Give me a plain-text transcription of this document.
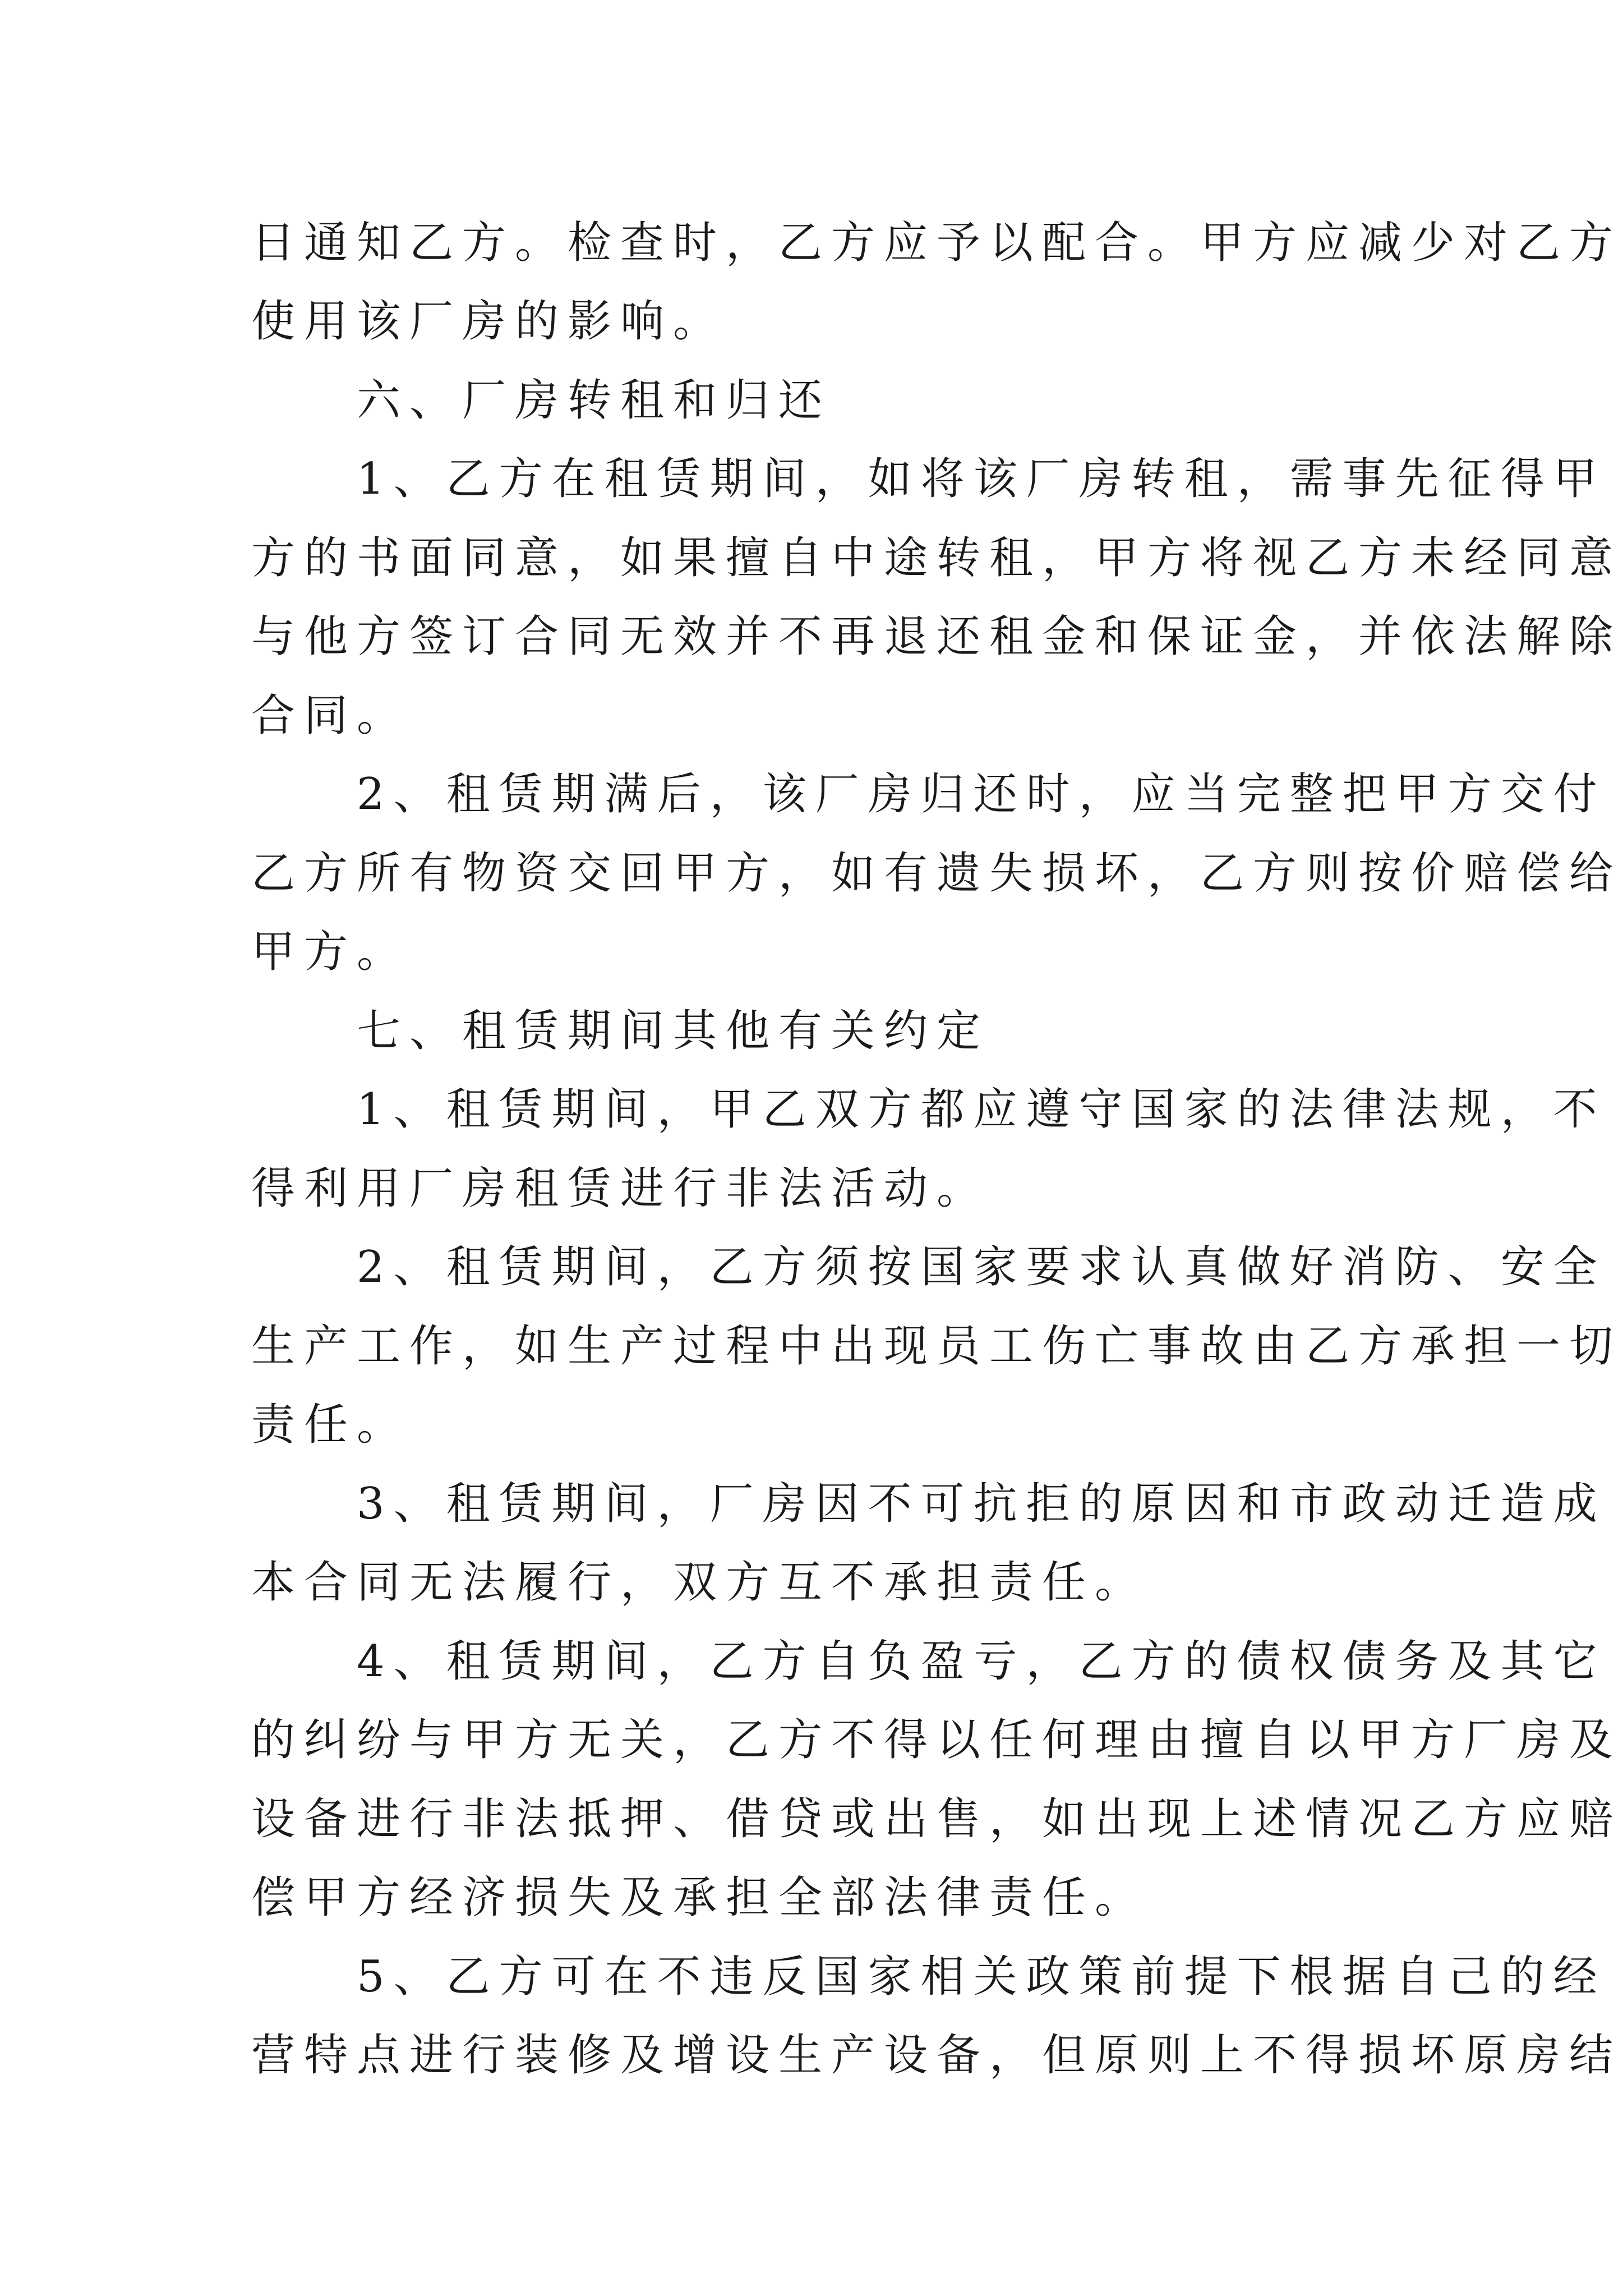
日通知乙方。检查时，乙方应予以配合。甲方应减少对乙方
使用该厂房的影响。
六、厂房转租和归还
1、乙方在租赁期间，如将该厂房转租，需事先征得甲
方的书面同意，如果擅自中途转租，甲方将视乙方未经同意
与他方签订合同无效并不再退还租金和保证金，并依法解除
合同。
2、租赁期满后，该厂房归还时，应当完整把甲方交付
乙方所有物资交回甲方，如有遗失损坏，乙方则按价赔偿给
甲方。
七、租赁期间其他有关约定
1、租赁期间，甲乙双方都应遵守国家的法律法规，不
得利用厂房租赁进行非法活动。
2、租赁期间，乙方须按国家要求认真做好消防、安全
生产工作，如生产过程中出现员工伤亡事故由乙方承担一切
责任。
3、租赁期间，厂房因不可抗拒的原因和市政动迁造成
本合同无法履行，双方互不承担责任。
4、租赁期间，乙方自负盈亏，乙方的债权债务及其它
的纠纷与甲方无关，乙方不得以任何理由擅自以甲方厂房及
设备进行非法抵押、借贷或出售，如出现上述情况乙方应赔
偿甲方经济损失及承担全部法律责任。
5、乙方可在不违反国家相关政策前提下根据自己的经
营特点进行装修及增设生产设备，但原则上不得损坏原房结
